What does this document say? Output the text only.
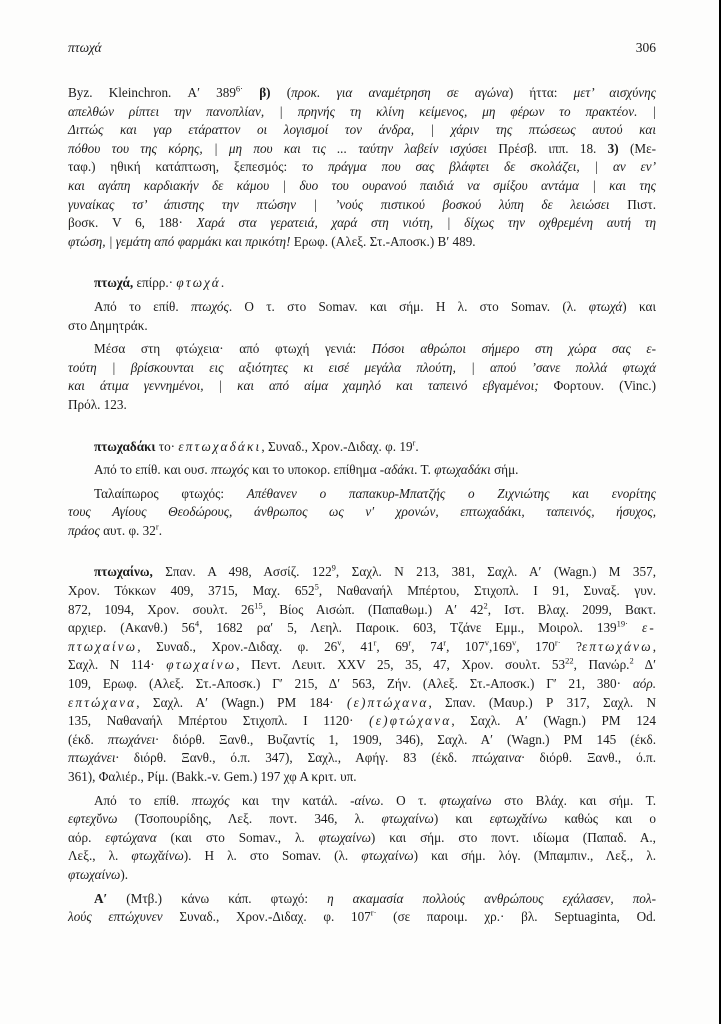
πτωχά	306
Byz. Kleinchron. Α′ $389^{6\cdot}$ β) (προκ. για αναμέτρηση σε αγώνα) ήττα: μετ’ αισχύνης
απελθών ρίπτει την πανοπλίαν, | πρηνής τη κλίνη κείμενος, μη φέρων το πρακτέον. |
Διττώς και γαρ ετάραττον οι λογισμοί τον άνδρα, | χάριν της πτώσεως αυτού και
πόθου του της κόρης, | μη που και τις ... ταύτην λαβείν ισχύσει Πρέσβ. ιππ. 18. 3) (Με-
ταφ.) ηθική κατάπτωση, ξεπεσμός: το πράγμα που σας βλάφτει δε σκολάζει, | αν εν’
και αγάπη καρδιακήν δε κάμου | δυο του ουρανού παιδιά να σμίξου αντάμα | και της
γυναίκας τσ’ άπιστης την πτώσην | ’νούς πιστικού βοσκού λύπη δε λειώσει Πιστ.
βοσκ. V 6, 188· Χαρά στα γερατειά, χαρά στη νιότη, | δίχως την οχθρεμένη αυτή τη
φτώση, | γεμάτη από φαρμάκι και πρικότη! Ερωφ. (Αλεξ. Στ.-Αποσκ.) Β′ 489.
πτωχά, επίρρ.· φτωχά.
Από το επίθ. πτωχός. Ο τ. στο Somav. και σήμ. Η λ. στο Somav. (λ. φτωχά) και
στο Δημητράκ.
Μέσα στη φτώχεια· από φτωχή γενιά: Πόσοι αθρώποι σήμερο στη χώρα σας ε-
τούτη | βρίσκουνται εις αξιότητες κι εισέ μεγάλα πλούτη, | απού ’σανε πολλά φτωχά
και άτιμα γεννημένοι, | και από αίμα χαμηλό και ταπεινό εβγαμένοι; Φορτουν. (Vinc.)
Πρόλ. 123.
πτωχαδάκι το· επτωχαδάκι, Συναδ., Χρον.-Διδαχ. φ. 19$^r$.
Από το επίθ. και ουσ. πτωχός και το υποκορ. επίθημα -αδάκι. Τ. φτωχαδάκι σήμ.
Ταλαίπωρος φτωχός: Απέθανεν ο παπακυρ-Μπατζής ο Ζιχνιώτης και ενορίτης
τους Αγίους Θεοδώρους, άνθρωπος ως ν′ χρονών, επτωχαδάκι, ταπεινός, ήσυχος,
πράος αυτ. φ. 32$^r$.
πτωχαίνω, Σπαν. Α 498, Ασσίζ. $122^9$, Σαχλ. Ν 213, 381, Σαχλ. Α′ (Wagn.) Μ 357,
Χρον. Τόκκων 409, 3715, Μαχ. $652^5$, Ναθαναήλ Μπέρτου, Στιχοπλ. Ι 91, Συναξ. γυν.
872, 1094, Χρον. σουλτ. $26^{15}$, Βίος Αισώπ. (Παπαθωμ.) Α′ $42^2$, Ιστ. Βλαχ. 2099, Βακτ.
αρχιερ. (Ακανθ.) $56^4$, 1682 ρα′ 5, Λεηλ. Παροικ. 603, Τζάνε Εμμ., Μοιρολ. $139^{19\cdot}$ ε-
πτωχαίνω, Συναδ., Χρον.-Διδαχ. φ. 26$^v$, 41$^r$, 69$^r$, 74$^r$, 107$^v$,169$^v$, $170^{r\cdot}$ ?επτωχάνω,
Σαχλ. Ν 114· φτωχαίνω, Πεντ. Λευιτ. XXV 25, 35, 47, Χρον. σουλτ. $53^{22}$, Πανώρ.$^2$ Δ′
109, Ερωφ. (Αλεξ. Στ.-Αποσκ.) Γ′ 215, Δ′ 563, Ζήν. (Αλεξ. Στ.-Αποσκ.) Γ′ 21, 380· αόρ.
επτώχανα, Σαχλ. Α′ (Wagn.) PM 184· (ε)πτώχανα, Σπαν. (Μαυρ.) Ρ 317, Σαχλ. Ν
135, Ναθαναήλ Μπέρτου Στιχοπλ. Ι 1120· (ε)φτώχανα, Σαχλ. Α′ (Wagn.) PM 124
(έκδ. πτωχάνει· διόρθ. Ξανθ., Βυζαντίς 1, 1909, 346), Σαχλ. Α′ (Wagn.) PM 145 (έκδ.
πτωχάνει· διόρθ. Ξανθ., ό.π. 347), Σαχλ., Αφήγ. 83 (έκδ. πτώχαινα· διόρθ. Ξανθ., ό.π.
361), Φαλιέρ., Ρίμ. (Bakk.-v. Gem.) 197 χφ Α κριτ. υπ.
Από το επίθ. πτωχός και την κατάλ. -αίνω. Ο τ. φτωχαίνω στο Βλάχ. και σήμ. Τ.
εφτεχ̆ύνω (Τσοπουρίδης, Λεξ. ποντ. 346, λ. φτωχαίνω) και εφτωχ̆αίνω καθώς και ο
αόρ. εφτώχανα (και στο Somav., λ. φτωχαίνω) και σήμ. στο ποντ. ιδίωμα (Παπαδ. Α.,
Λεξ., λ. φτωχ̆αίνω). Η λ. στο Somav. (λ. φτωχαίνω) και σήμ. λόγ. (Μπαμπιν., Λεξ., λ.
φτωχαίνω).
Α′ (Μτβ.) κάνω κάπ. φτωχό: η ακαμασία πολλούς ανθρώπους εχάλασεν, πολ-
λούς επτώχυνεν Συναδ., Χρον.-Διδαχ. φ. $107^{r\cdot}$ (σε παροιμ. χρ.· βλ. Septuaginta, Od.
